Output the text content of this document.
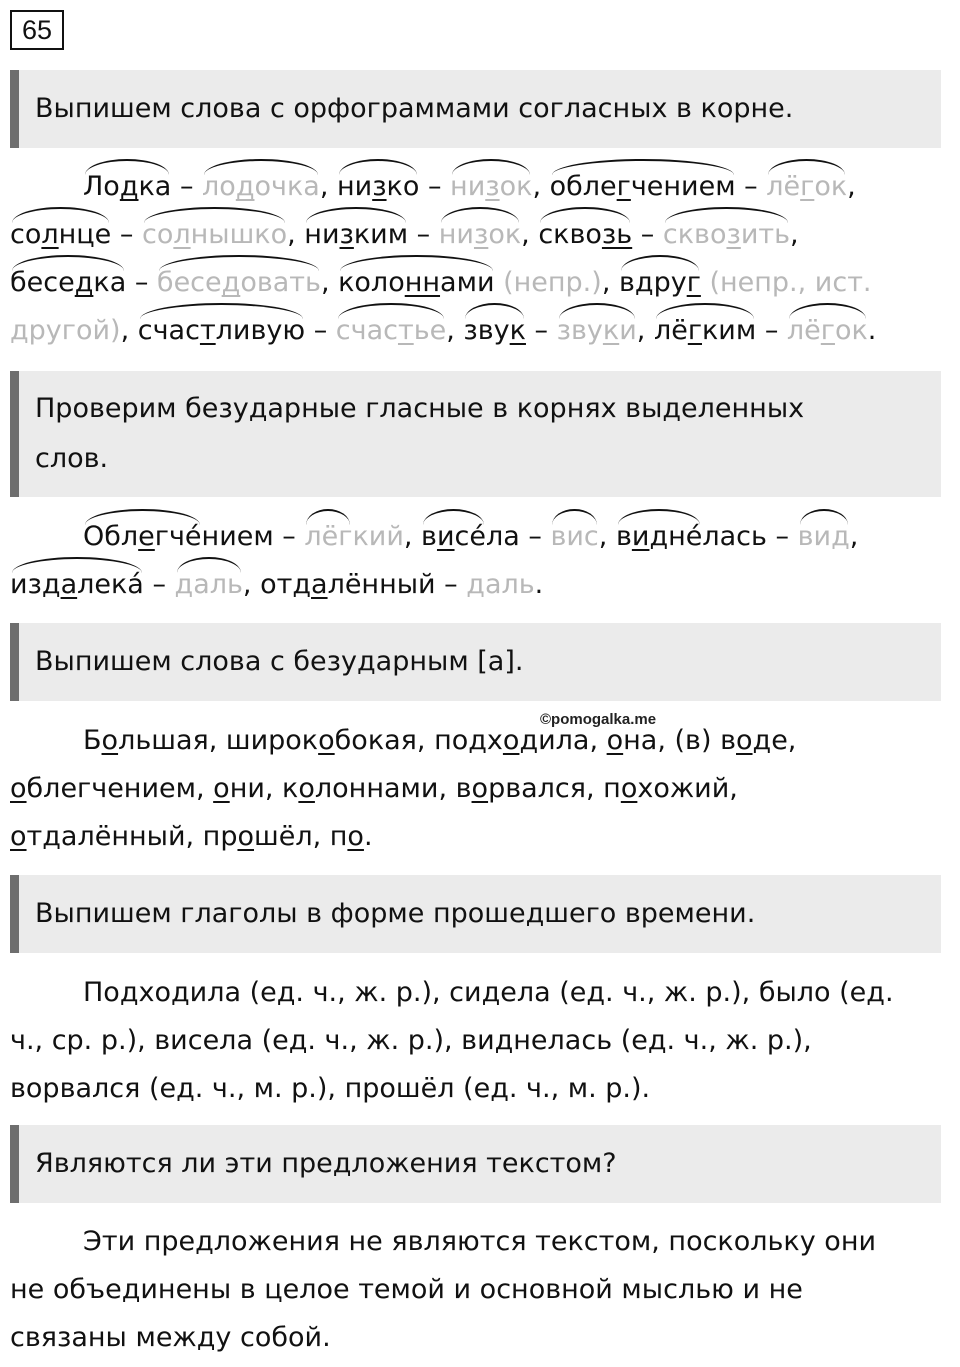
65
Выпишем слова с орфограммами согласных в корне.
Лодка – лодочка, низко – низок, облегчением – лёгок,
солнце – солнышко, низким – низок, сквозь – сквозить,
беседка – беседовать, колоннами (непр.), вдруг (непр., ист.
другой), счастливую – счастье, звук – звуки, лёгким – лёгок.
Проверим безударные гласные в корнях выделенных
слов.
Облегчéнием – лёгкий, висéла – вис, виднéлась – вид,
издалекá – даль, отдалённый – даль.
Выпишем слова с безударным [а].
©pomogalka.me
Большая, широкобокая, подходила, она, (в) воде,
облегчением, они, колоннами, ворвался, похожий,
отдалённый, прошёл, по.
Выпишем глаголы в форме прошедшего времени.
Подходила (ед. ч., ж. р.), сидела (ед. ч., ж. р.), было (ед.
ч., ср. р.), висела (ед. ч., ж. р.), виднелась (ед. ч., ж. р.),
ворвался (ед. ч., м. р.), прошёл (ед. ч., м. р.).
Являются ли эти предложения текстом?
Эти предложения не являются текстом, поскольку они
не объединены в целое темой и основной мыслью и не
связаны между собой.
